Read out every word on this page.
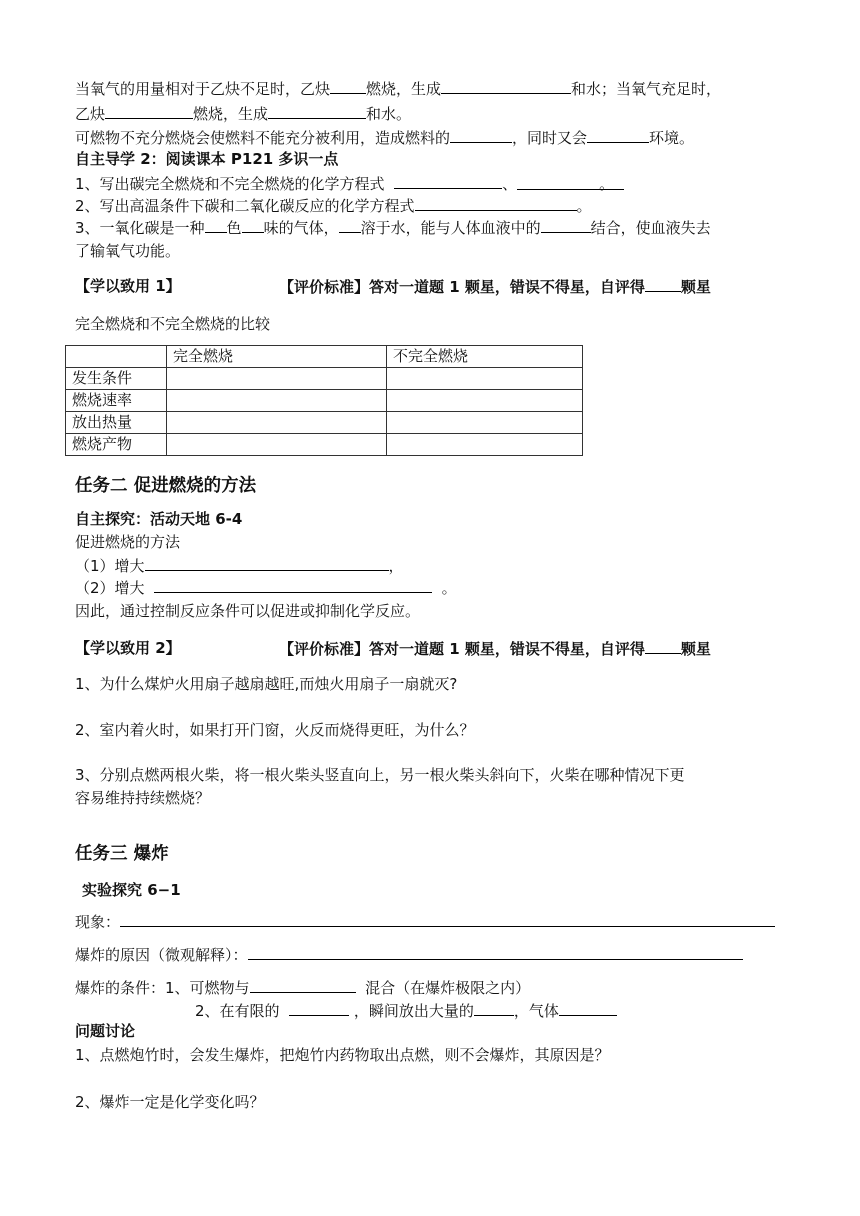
当氧气的用量相对于乙炔不足时，乙炔 燃烧，生成	和水；当氧气充足时，
乙炔	燃烧，生成	和水。
可燃物不充分燃烧会使燃料不能充分被利用，造成燃料的	，同时又会	环境。
自主导学 2：阅读课本 P121 多识一点
1、写出碳完全燃烧和不完全燃烧的化学方程式	、	。
2、写出高温条件下碳和二氧化碳反应的化学方程式	。
3、一氧化碳是一种 色 味的气体， 溶于水，能与人体血液中的	结合，使血液失去
了输氧气功能。
【学以致用 1】	【评价标准】答对一道题 1 颗星，错误不得星，自评得 颗星
完全燃烧和不完全燃烧的比较
	完全燃烧	不完全燃烧
发生条件		
燃烧速率		
放出热量		
燃烧产物		
任务二 促进燃烧的方法
自主探究：活动天地 6-4
促进燃烧的方法
（1）增大	，
（2）增大	。
因此，通过控制反应条件可以促进或抑制化学反应。
【学以致用 2】	【评价标准】答对一道题 1 颗星，错误不得星，自评得 颗星
1、为什么煤炉火用扇子越扇越旺,而烛火用扇子一扇就灭?
2、室内着火时，如果打开门窗，火反而烧得更旺，为什么？
3、分别点燃两根火柴，将一根火柴头竖直向上，另一根火柴头斜向下，火柴在哪种情况下更
容易维持持续燃烧？
任务三 爆炸
实验探究 6−1
现象：
爆炸的原因（微观解释）：
爆炸的条件：1、可燃物与	混合（在爆炸极限之内）
2、在有限的	，瞬间放出大量的	，气体
问题讨论
1、点燃炮竹时，会发生爆炸，把炮竹内药物取出点燃，则不会爆炸，其原因是？
2、爆炸一定是化学变化吗？
